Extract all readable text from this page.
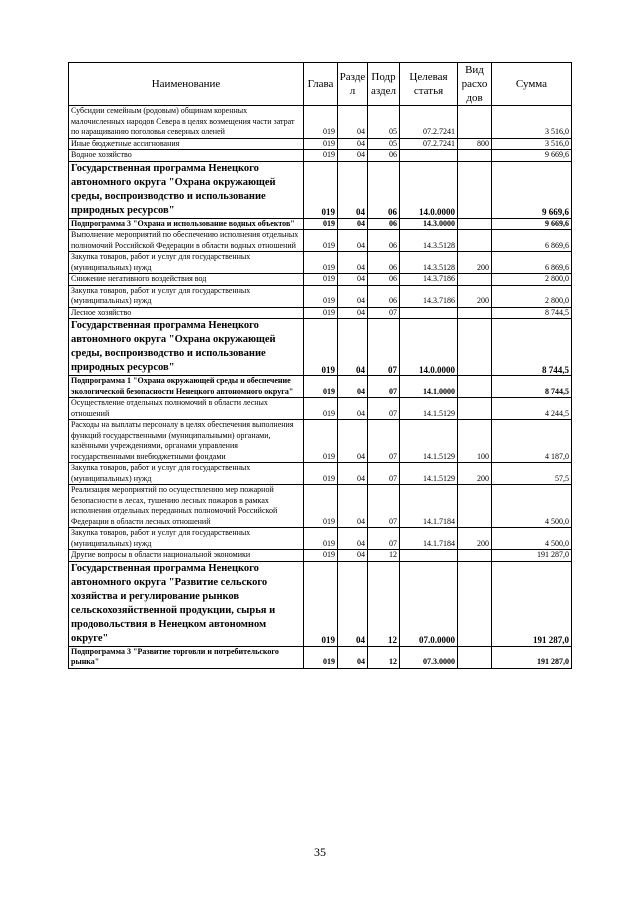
Наименование	Глава	Разде л	Подр аздел	Целевая статья	Вид расхо дов	Сумма
Субсидии семейным (родовым) общинам коренных малочисленных народов Севера в целях возмещения части затрат по наращиванию поголовья северных оленей	019	04	05	07.2.7241		3 516,0
Иные бюджетные ассигнования	019	04	05	07.2.7241	800	3 516,0
Водное хозяйство	019	04	06			9 669,6
Государственная программа Ненецкого автономного округа "Охрана окружающей среды, воспроизводство и использование природных ресурсов"	019	04	06	14.0.0000		9 669,6
Подпрограмма 3 "Охрана и использование водных объектов"	019	04	06	14.3.0000		9 669,6
Выполнение мероприятий по обеспечению исполнения отдельных полномочий Российской Федерации в области водных отношений	019	04	06	14.3.5128		6 869,6
Закупка товаров, работ и услуг для государственных (муниципальных) нужд	019	04	06	14.3.5128	200	6 869,6
Снижение негативного воздействия вод	019	04	06	14.3.7186		2 800,0
Закупка товаров, работ и услуг для государственных (муниципальных) нужд	019	04	06	14.3.7186	200	2 800,0
Лесное хозяйство	019	04	07			8 744,5
Государственная программа Ненецкого автономного округа "Охрана окружающей среды, воспроизводство и использование природных ресурсов"	019	04	07	14.0.0000		8 744,5
Подпрограмма 1 "Охрана окружающей среды и обеспечение экологической безопасности Ненецкого автономного округа"	019	04	07	14.1.0000		8 744,5
Осуществление отдельных полномочий в области лесных отношений	019	04	07	14.1.5129		4 244,5
Расходы на выплаты персоналу в целях обеспечения выполнения функций государственными (муниципальными) органами, казёнными учреждениями, органами управления государственными внебюджетными фондами	019	04	07	14.1.5129	100	4 187,0
Закупка товаров, работ и услуг для государственных (муниципальных) нужд	019	04	07	14.1.5129	200	57,5
Реализация мероприятий по осуществлению мер пожарной безопасности в лесах, тушению лесных пожаров в рамках исполнения отдельных переданных полномочий Российской Федерации в области лесных отношений	019	04	07	14.1.7184		4 500,0
Закупка товаров, работ и услуг для государственных (муниципальных) нужд	019	04	07	14.1.7184	200	4 500,0
Другие вопросы в области национальной экономики	019	04	12			191 287,0
Государственная программа Ненецкого автономного округа "Развитие сельского хозяйства и регулирование рынков сельскохозяйственной продукции, сырья и продовольствия в Ненецком автономном округе"	019	04	12	07.0.0000		191 287,0
Подпрограмма 3 "Развитие торговли и потребительского рынка"	019	04	12	07.3.0000		191 287,0
35
